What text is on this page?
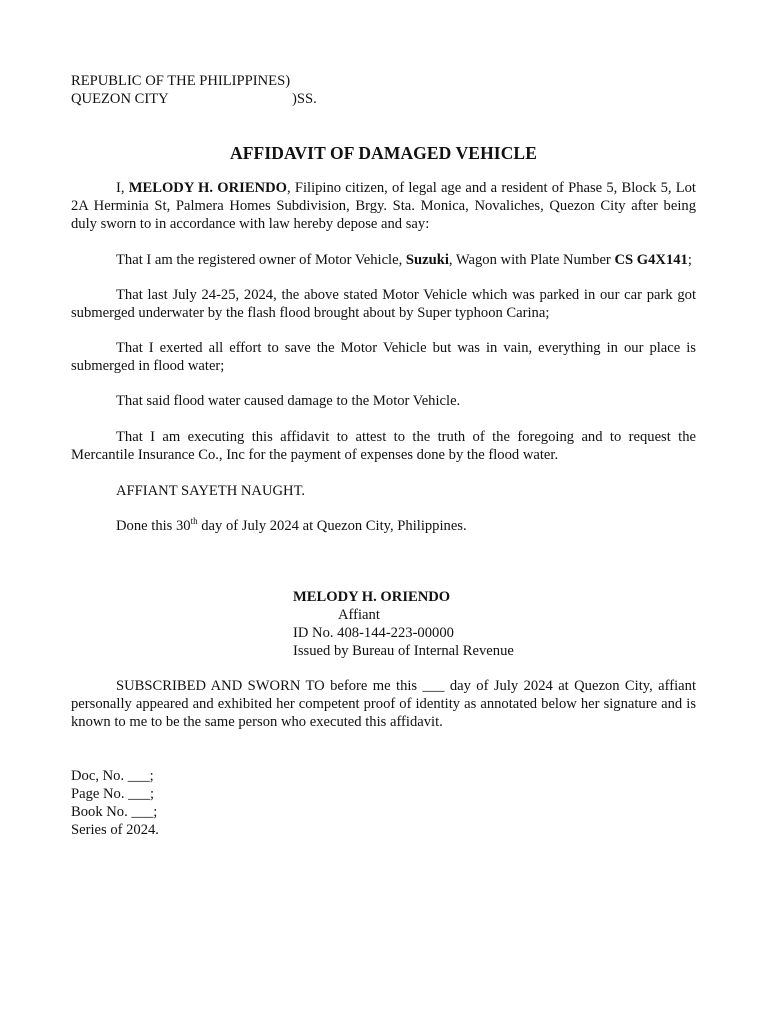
REPUBLIC OF THE PHILIPPINES)
QUEZON CITY	)SS.
AFFIDAVIT OF DAMAGED VEHICLE

I, MELODY H. ORIENDO, Filipino citizen, of legal age and a resident of Phase 5, Block 5, Lot 2A Herminia St, Palmera Homes Subdivision, Brgy. Sta. Monica, Novaliches, Quezon City after being duly sworn to in accordance with law hereby depose and say:

That I am the registered owner of Motor Vehicle, Suzuki, Wagon with Plate Number CS G4X141;

That last July 24-25, 2024, the above stated Motor Vehicle which was parked in our car park got submerged underwater by the flash flood brought about by Super typhoon Carina;

That I exerted all effort to save the Motor Vehicle but was in vain, everything in our place is submerged in flood water;

That said flood water caused damage to the Motor Vehicle.

That I am executing this affidavit to attest to the truth of the foregoing and to request the Mercantile Insurance Co., Inc for the payment of expenses done by the flood water.

AFFIANT SAYETH NAUGHT.

Done this 30th day of July 2024 at Quezon City, Philippines.

MELODY H. ORIENDO
Affiant
ID No. 408-144-223-00000
Issued by Bureau of Internal Revenue

SUBSCRIBED AND SWORN TO before me this ___ day of July 2024 at Quezon City, affiant personally appeared and exhibited her competent proof of identity as annotated below her signature and is known to me to be the same person who executed this affidavit.

Doc, No. ___;
Page No. ___;
Book No. ___;
Series of 2024.
